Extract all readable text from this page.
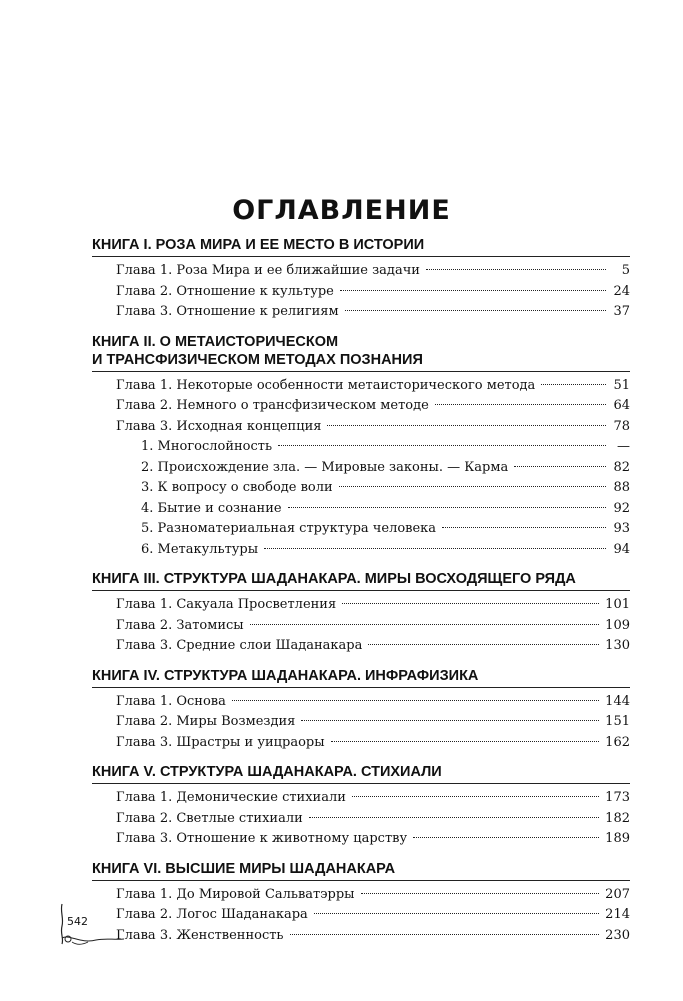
ОГЛАВЛЕНИЕ
КНИГА I. РОЗА МИРА И ЕЕ МЕСТО В ИСТОРИИ
Глава 1. Роза Мира и ее ближайшие задачи	5
Глава 2. Отношение к культуре	24
Глава 3. Отношение к религиям	37
КНИГА II. О МЕТАИСТОРИЧЕСКОМ
И ТРАНСФИЗИЧЕСКОМ МЕТОДАХ ПОЗНАНИЯ
Глава 1. Некоторые особенности метаисторического метода	51
Глава 2. Немного о трансфизическом методе	64
Глава 3. Исходная концепция	78
1. Многослойность	—
2. Происхождение зла. — Мировые законы. — Карма	82
3. К вопросу о свободе воли	88
4. Бытие и сознание	92
5. Разноматериальная структура человека	93
6. Метакультуры	94
КНИГА III. СТРУКТУРА ШАДАНАКАРА. МИРЫ ВОСХОДЯЩЕГО РЯДА
Глава 1. Сакуала Просветления	101
Глава 2. Затомисы	109
Глава 3. Средние слои Шаданакара	130
КНИГА IV. СТРУКТУРА ШАДАНАКАРА. ИНФРАФИЗИКА
Глава 1. Основа	144
Глава 2. Миры Возмездия	151
Глава 3. Шрастры и уицраоры	162
КНИГА V. СТРУКТУРА ШАДАНАКАРА. СТИХИАЛИ
Глава 1. Демонические стихиали	173
Глава 2. Светлые стихиали	182
Глава 3. Отношение к животному царству	189
КНИГА VI. ВЫСШИЕ МИРЫ ШАДАНАКАРА
Глава 1. До Мировой Сальватэрры	207
Глава 2. Логос Шаданакара	214
Глава 3. Женственность	230
542
